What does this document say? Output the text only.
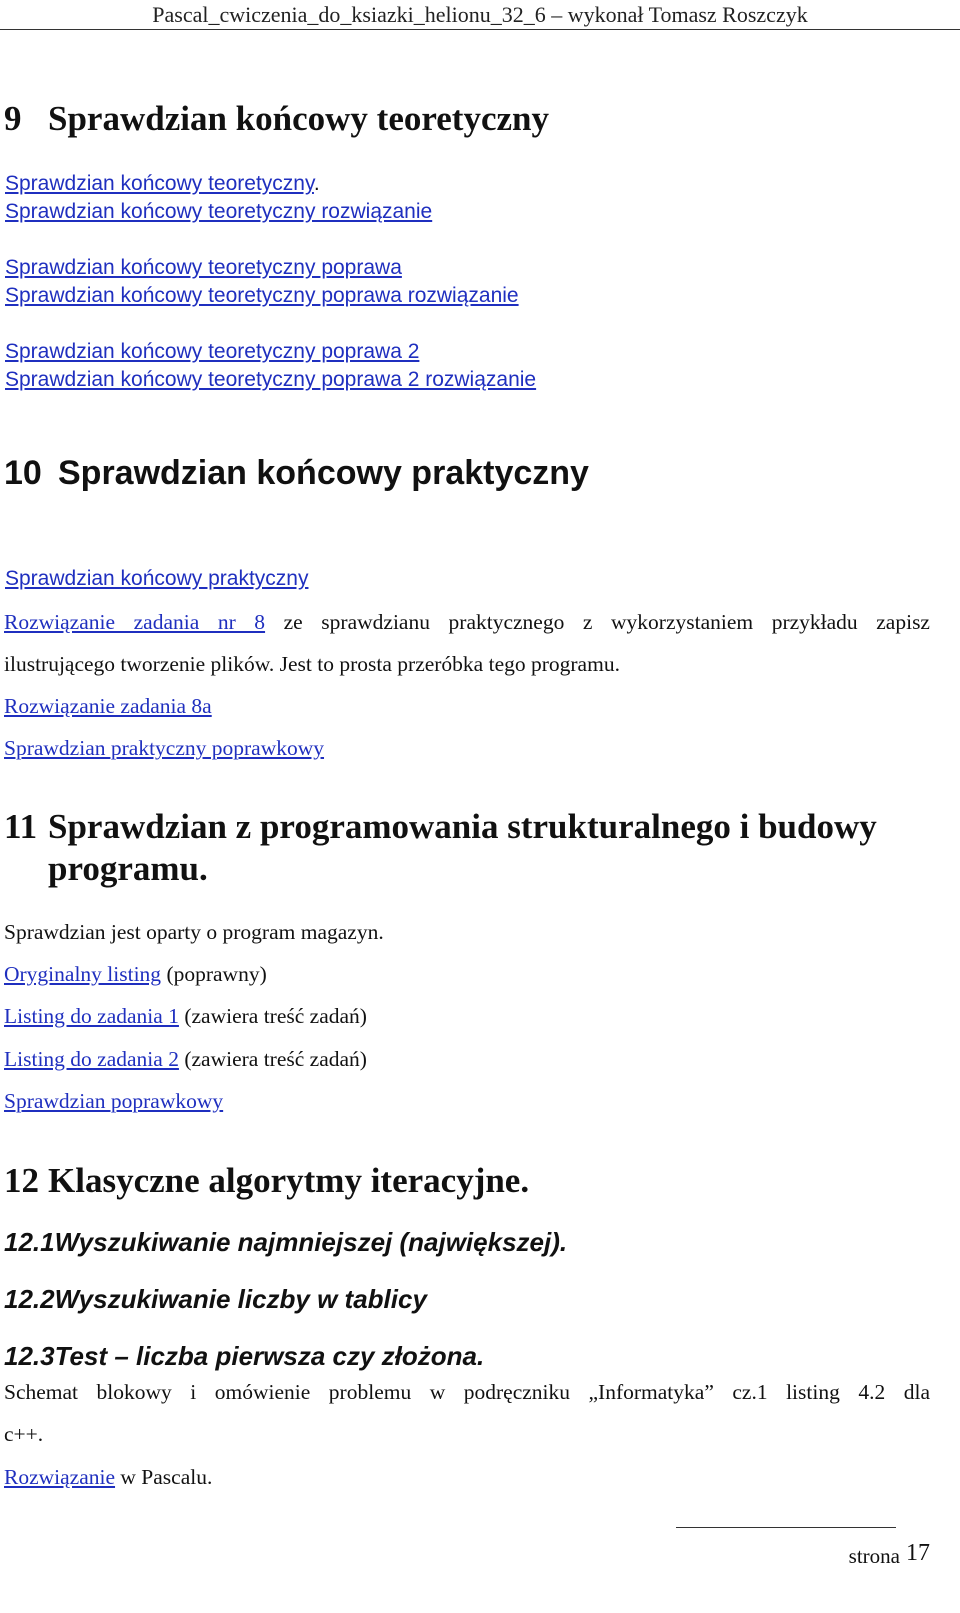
Pascal_cwiczenia_do_ksiazki_helionu_32_6 – wykonał Tomasz Roszczyk
9 Sprawdzian końcowy teoretyczny
Sprawdzian końcowy teoretyczny.
Sprawdzian końcowy teoretyczny rozwiązanie
Sprawdzian końcowy teoretyczny poprawa
Sprawdzian końcowy teoretyczny poprawa rozwiązanie
Sprawdzian końcowy teoretyczny poprawa 2
Sprawdzian końcowy teoretyczny poprawa 2 rozwiązanie
10 Sprawdzian końcowy praktyczny
Sprawdzian końcowy praktyczny
Rozwiązanie zadania nr 8 ze sprawdzianu praktycznego z wykorzystaniem przykładu zapisz
ilustrującego tworzenie plików. Jest to prosta przeróbka tego programu.
Rozwiązanie zadania 8a
Sprawdzian praktyczny poprawkowy
11 Sprawdzian z programowania strukturalnego i budowy
programu.
Sprawdzian jest oparty o program magazyn.
Oryginalny listing (poprawny)
Listing do zadania 1 (zawiera treść zadań)
Listing do zadania 2 (zawiera treść zadań)
Sprawdzian poprawkowy
12 Klasyczne algorytmy iteracyjne.
12.1Wyszukiwanie najmniejszej (największej).
12.2Wyszukiwanie liczby w tablicy
12.3Test – liczba pierwsza czy złożona.
Schemat blokowy i omówienie problemu w podręczniku „Informatyka” cz.1 listing 4.2 dla
c++.
Rozwiązanie w Pascalu.
strona 17
